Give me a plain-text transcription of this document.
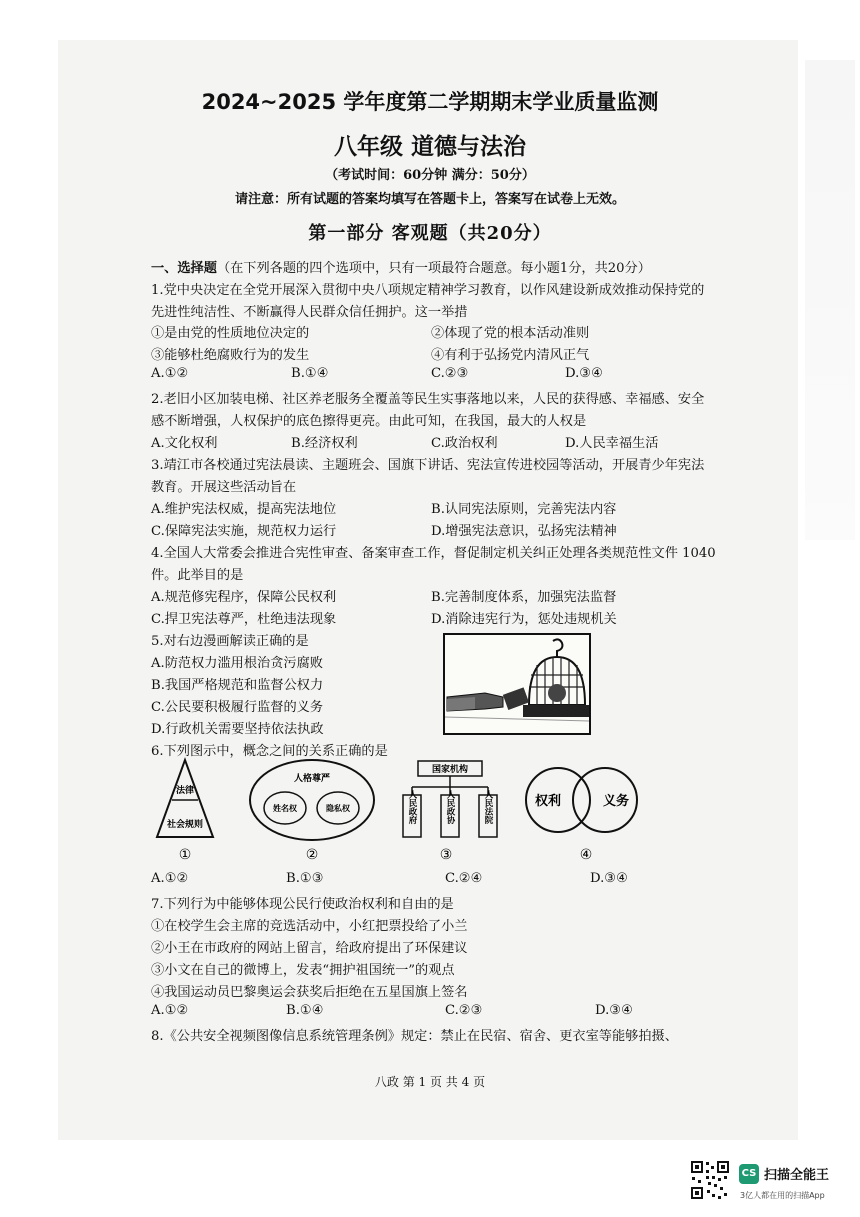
2024~2025 学年度第二学期期末学业质量监测
八年级 道德与法治
（考试时间：60分钟 满分：50分）
请注意：所有试题的答案均填写在答题卡上，答案写在试卷上无效。
第一部分 客观题（共20分）
一、选择题（在下列各题的四个选项中，只有一项最符合题意。每小题1分，共20分）
1.党中央决定在全党开展深入贯彻中央八项规定精神学习教育，以作风建设新成效推动保持党的
先进性纯洁性、不断赢得人民群众信任拥护。这一举措
①是由党的性质地位决定的	②体现了党的根本活动准则
③能够杜绝腐败行为的发生	④有利于弘扬党内清风正气
A.①②	B.①④	C.②③	D.③④
2.老旧小区加装电梯、社区养老服务全覆盖等民生实事落地以来，人民的获得感、幸福感、安全
感不断增强，人权保护的底色擦得更亮。由此可知，在我国，最大的人权是
A.文化权利	B.经济权利	C.政治权利	D.人民幸福生活
3.靖江市各校通过宪法晨读、主题班会、国旗下讲话、宪法宣传进校园等活动，开展青少年宪法
教育。开展这些活动旨在
A.维护宪法权威，提高宪法地位	B.认同宪法原则，完善宪法内容
C.保障宪法实施，规范权力运行	D.增强宪法意识，弘扬宪法精神
4.全国人大常委会推进合宪性审查、备案审查工作，督促制定机关纠正处理各类规范性文件 1040
件。此举目的是
A.规范修宪程序，保障公民权利	B.完善制度体系，加强宪法监督
C.捍卫宪法尊严，杜绝违法现象	D.消除违宪行为，惩处违规机关
5.对右边漫画解读正确的是
A.防范权力滥用根治贪污腐败
B.我国严格规范和监督公权力
C.公民要积极履行监督的义务
D.行政机关需要坚持依法执政
6.下列图示中，概念之间的关系正确的是
法律
社会规则
①
人格尊严
姓名权	隐私权
②
国家机构
人民政府	人民政协	人民法院
③
权利	义务
④
A.①②	B.①③	C.②④	D.③④
7.下列行为中能够体现公民行使政治权利和自由的是
①在校学生会主席的竞选活动中，小红把票投给了小兰
②小王在市政府的网站上留言，给政府提出了环保建议
③小文在自己的微博上，发表“拥护祖国统一”的观点
④我国运动员巴黎奥运会获奖后拒绝在五星国旗上签名
A.①②	B.①④	C.②③	D.③④
8.《公共安全视频图像信息系统管理条例》规定：禁止在民宿、宿舍、更衣室等能够拍摄、
八政 第 1 页 共 4 页
CS 扫描全能王
3亿人都在用的扫描App
